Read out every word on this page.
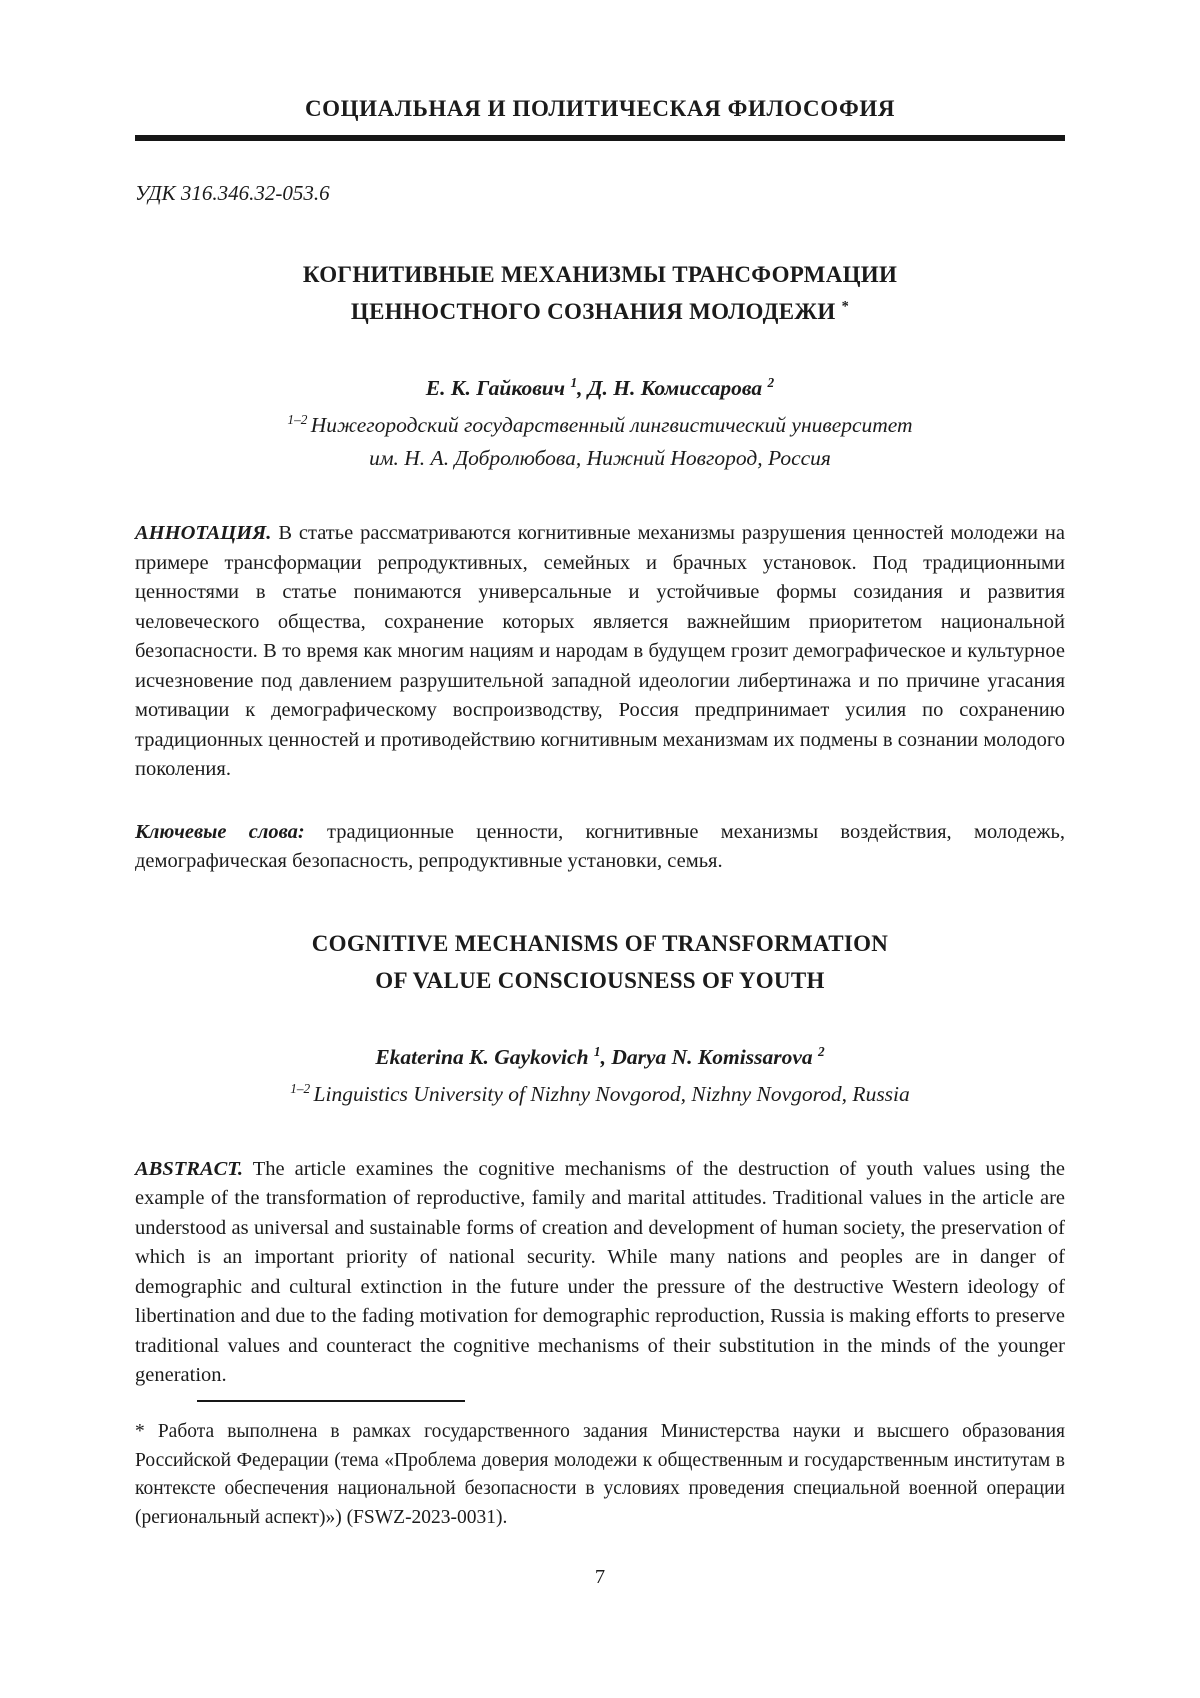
СОЦИАЛЬНАЯ И ПОЛИТИЧЕСКАЯ ФИЛОСОФИЯ
УДК 316.346.32-053.6
КОГНИТИВНЫЕ МЕХАНИЗМЫ ТРАНСФОРМАЦИИ
ЦЕННОСТНОГО СОЗНАНИЯ МОЛОДЕЖИ *
Е. К. Гайкович $^1$, Д. Н. Комиссарова $^2$
$^{1-2}$ Нижегородский государственный лингвистический университет
им. Н. А. Добролюбова, Нижний Новгород, Россия
АННОТАЦИЯ. В статье рассматриваются когнитивные механизмы разрушения ценностей молодежи на примере трансформации репродуктивных, семейных и брачных установок. Под традиционными ценностями в статье понимаются универсальные и устойчивые формы созидания и развития человеческого общества, сохранение которых является важнейшим приоритетом национальной безопасности. В то время как многим нациям и народам в будущем грозит демографическое и культурное исчезновение под давлением разрушительной западной идеологии либертинажа и по причине угасания мотивации к демографическому воспроизводству, Россия предпринимает усилия по сохранению традиционных ценностей и противодействию когнитивным механизмам их подмены в сознании молодого поколения.
Ключевые слова: традиционные ценности, когнитивные механизмы воздействия, молодежь, демографическая безопасность, репродуктивные установки, семья.
COGNITIVE MECHANISMS OF TRANSFORMATION
OF VALUE CONSCIOUSNESS OF YOUTH
Ekaterina K. Gaykovich $^1$, Darya N. Komissarova $^2$
$^{1-2}$ Linguistics University of Nizhny Novgorod, Nizhny Novgorod, Russia
ABSTRACT. The article examines the cognitive mechanisms of the destruction of youth values using the example of the transformation of reproductive, family and marital attitudes. Traditional values in the article are understood as universal and sustainable forms of creation and development of human society, the preservation of which is an important priority of national security. While many nations and peoples are in danger of demographic and cultural extinction in the future under the pressure of the destructive Western ideology of libertination and due to the fading motivation for demographic reproduction, Russia is making efforts to preserve traditional values and counteract the cognitive mechanisms of their substitution in the minds of the younger generation.
* Работа выполнена в рамках государственного задания Министерства науки и высшего образования Российской Федерации (тема «Проблема доверия молодежи к общественным и государственным институтам в контексте обеспечения национальной безопасности в условиях проведения специальной военной операции (региональный аспект)») (FSWZ-2023-0031).
7
